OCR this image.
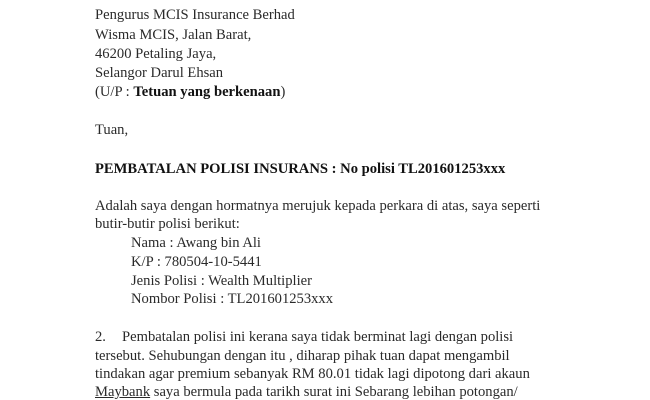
Pengurus MCIS Insurance Berhad
Wisma MCIS, Jalan Barat,
46200 Petaling Jaya,
Selangor Darul Ehsan
(U/P : Tetuan yang berkenaan)
Tuan,
PEMBATALAN POLISI INSURANS : No polisi TL201601253xxx
Adalah saya dengan hormatnya merujuk kepada perkara di atas, saya seperti
butir-butir polisi berikut:
Nama : Awang bin Ali
K/P : 780504-10-5441
Jenis Polisi : Wealth Multiplier
Nombor Polisi : TL201601253xxx
2. Pembatalan polisi ini kerana saya tidak berminat lagi dengan polisi
tersebut. Sehubungan dengan itu , diharap pihak tuan dapat mengambil
tindakan agar premium sebanyak RM 80.01 tidak lagi dipotong dari akaun
Maybank saya bermula pada tarikh surat ini Sebarang lebihan potongan/
